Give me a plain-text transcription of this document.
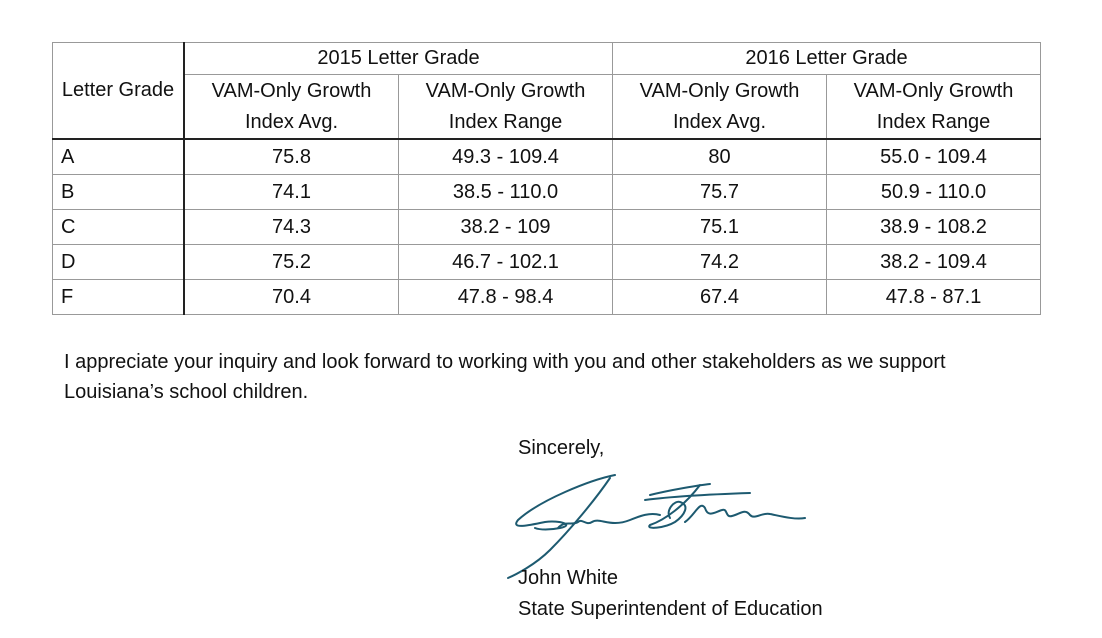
Letter Grade	2015 Letter Grade		2016 Letter Grade	
	VAM-Only Growth Index Avg.	VAM-Only Growth Index Range	VAM-Only Growth Index Avg.	VAM-Only Growth Index Range
A	75.8	49.3 - 109.4	80	55.0 - 109.4
B	74.1	38.5 - 110.0	75.7	50.9 - 110.0
C	74.3	38.2 - 109	75.1	38.9 - 108.2
D	75.2	46.7 - 102.1	74.2	38.2 - 109.4
F	70.4	47.8 - 98.4	67.4	47.8 - 87.1
I appreciate your inquiry and look forward to working with you and other stakeholders as we support Louisiana’s school children.
Sincerely,
John White
State Superintendent of Education
